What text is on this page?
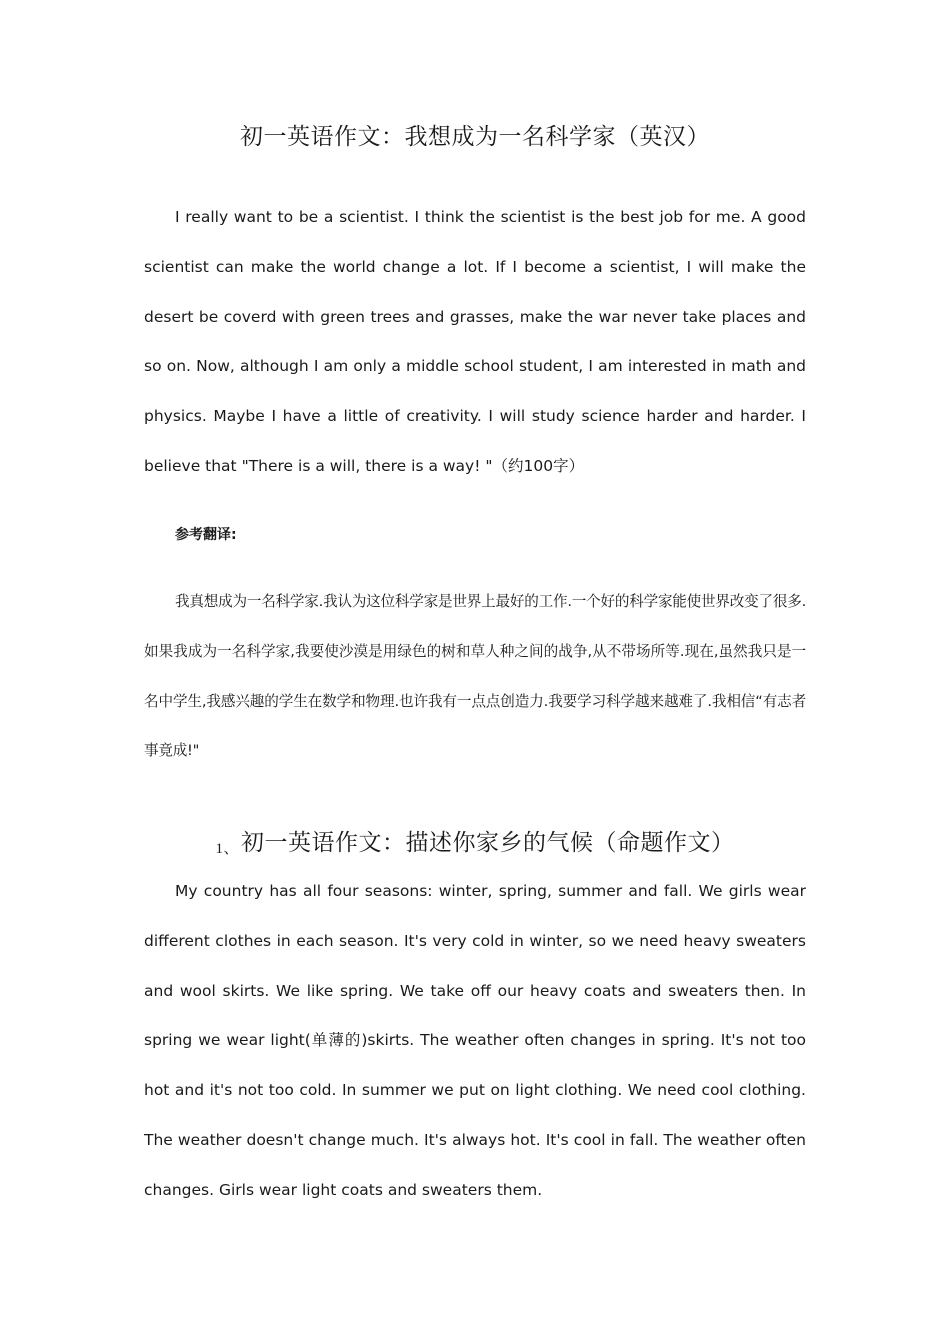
初一英语作文：我想成为一名科学家（英汉）
I really want to be a scientist. I think the scientist is the best job for me. A good scientist can make the world change a lot. If I become a scientist, I will make the desert be coverd with green trees and grasses, make the war never take places and so on. Now, although I am only a middle school student, I am interested in math and physics. Maybe I have a little of creativity. I will study science harder and harder. I believe that "There is a will, there is a way! "（约100字）
参考翻译:
我真想成为一名科学家.我认为这位科学家是世界上最好的工作.一个好的科学家能使世界改变了很多.如果我成为一名科学家,我要使沙漠是用绿色的树和草人种之间的战争,从不带场所等.现在,虽然我只是一名中学生,我感兴趣的学生在数学和物理.也许我有一点点创造力.我要学习科学越来越难了.我相信“有志者事竟成!"
1、初一英语作文：描述你家乡的气候（命题作文）
My country has all four seasons: winter, spring, summer and fall. We girls wear different clothes in each season. It's very cold in winter, so we need heavy sweaters and wool skirts. We like spring. We take off our heavy coats and sweaters then. In spring we wear light(单薄的)skirts. The weather often changes in spring. It's not too hot and it's not too cold. In summer we put on light clothing. We need cool clothing. The weather doesn't change much. It's always hot. It's cool in fall. The weather often changes. Girls wear light coats and sweaters them.
